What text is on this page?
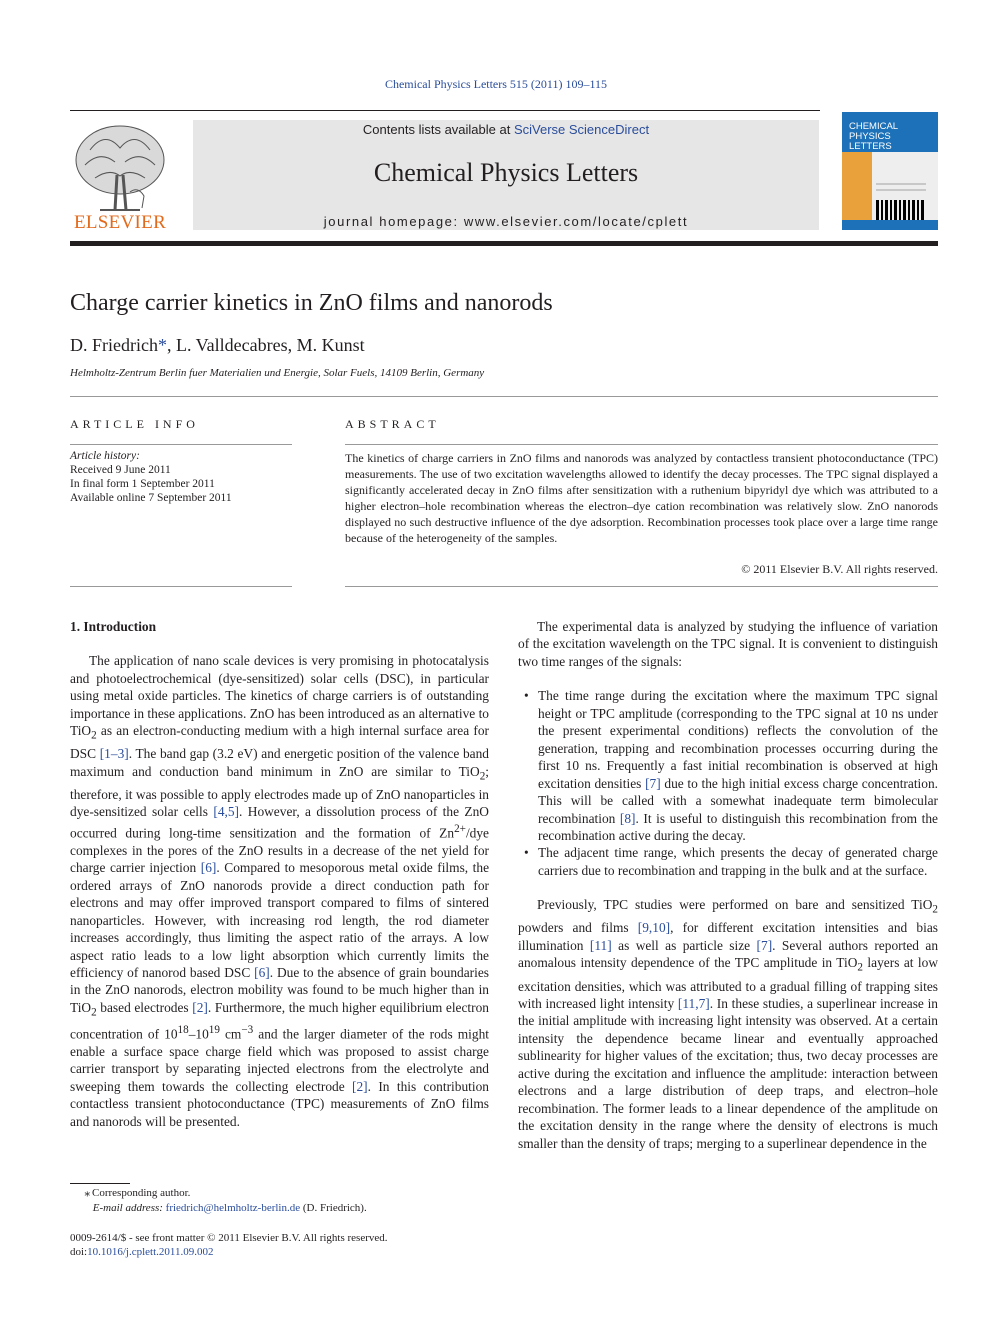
Chemical Physics Letters 515 (2011) 109–115
ELSEVIER
Contents lists available at SciVerse ScienceDirect
Chemical Physics Letters
journal homepage: www.elsevier.com/locate/cplett
CHEMICAL
PHYSICS
LETTERS
Charge carrier kinetics in ZnO films and nanorods
D. Friedrich*, L. Valldecabres, M. Kunst
Helmholtz-Zentrum Berlin fuer Materialien und Energie, Solar Fuels, 14109 Berlin, Germany
ARTICLE INFO	ABSTRACT
Article history:
Received 9 June 2011
In final form 1 September 2011
Available online 7 September 2011
The kinetics of charge carriers in ZnO films and nanorods was analyzed by contactless transient photoconductance (TPC) measurements. The use of two excitation wavelengths allowed to identify the decay processes. The TPC signal displayed a significantly accelerated decay in ZnO films after sensitization with a ruthenium bipyridyl dye which was attributed to a higher electron–hole recombination whereas the electron–dye cation recombination was relatively slow. ZnO nanorods displayed no such destructive influence of the dye adsorption. Recombination processes took place over a large time range because of the heterogeneity of the samples.
© 2011 Elsevier B.V. All rights reserved.

1. Introduction

The application of nano scale devices is very promising in photocatalysis and photoelectrochemical (dye-sensitized) solar cells (DSC), in particular using metal oxide particles. The kinetics of charge carriers is of outstanding importance in these applications. ZnO has been introduced as an alternative to TiO$_2$ as an electron-conducting medium with a high internal surface area for DSC [1–3]. The band gap (3.2 eV) and energetic position of the valence band maximum and conduction band minimum in ZnO are similar to TiO$_2$; therefore, it was possible to apply electrodes made up of ZnO nanoparticles in dye-sensitized solar cells [4,5]. However, a dissolution process of the ZnO occurred during long-time sensitization and the formation of $Zn^{2+}$/dye complexes in the pores of the ZnO results in a decrease of the net yield for charge carrier injection [6]. Compared to mesoporous metal oxide films, the ordered arrays of ZnO nanorods provide a direct conduction path for electrons and may offer improved transport compared to films of sintered nanoparticles. However, with increasing rod length, the rod diameter increases accordingly, thus limiting the aspect ratio of the arrays. A low aspect ratio leads to a low light absorption which currently limits the efficiency of nanorod based DSC [6]. Due to the absence of grain boundaries in the ZnO nanorods, electron mobility was found to be much higher than in TiO$_2$ based electrodes [2]. Furthermore, the much higher equilibrium electron concentration of $10^{18}-10^{19}$ $cm^{-3}$ and the larger diameter of the rods might enable a surface space charge field which was proposed to assist charge carrier transport by separating injected electrons from the electrolyte and sweeping them towards the collecting electrode [2]. In this contribution contactless transient photoconductance (TPC) measurements of ZnO films and nanorods will be presented.

The experimental data is analyzed by studying the influence of variation of the excitation wavelength on the TPC signal. It is convenient to distinguish two time ranges of the signals:

• The time range during the excitation where the maximum TPC signal height or TPC amplitude (corresponding to the TPC signal at 10 ns under the present experimental conditions) reflects the convolution of the generation, trapping and recombination processes occurring during the first 10 ns. Frequently a fast initial recombination is observed at high excitation densities [7] due to the high initial excess charge concentration. This will be called with a somewhat inadequate term bimolecular recombination [8]. It is useful to distinguish this recombination from the recombination active during the decay.
• The adjacent time range, which presents the decay of generated charge carriers due to recombination and trapping in the bulk and at the surface.

Previously, TPC studies were performed on bare and sensitized TiO$_2$ powders and films [9,10], for different excitation intensities and bias illumination [11] as well as particle size [7]. Several authors reported an anomalous intensity dependence of the TPC amplitude in TiO$_2$ layers at low excitation densities, which was attributed to a gradual filling of trapping sites with increased light intensity [11,7]. In these studies, a superlinear increase in the initial amplitude with increasing light intensity was observed. At a certain intensity the dependence became linear and eventually approached sublinearity for higher values of the excitation; thus, two decay processes are active during the excitation and influence the amplitude: interaction between electrons and a large distribution of deep traps, and electron–hole recombination. The former leads to a linear dependence of the amplitude on the excitation density in the range where the density of electrons is much smaller than the density of traps; merging to a superlinear dependence in the

⁎ Corresponding author.
E-mail address: friedrich@helmholtz-berlin.de (D. Friedrich).
0009-2614/$ - see front matter © 2011 Elsevier B.V. All rights reserved.
doi:10.1016/j.cplett.2011.09.002
